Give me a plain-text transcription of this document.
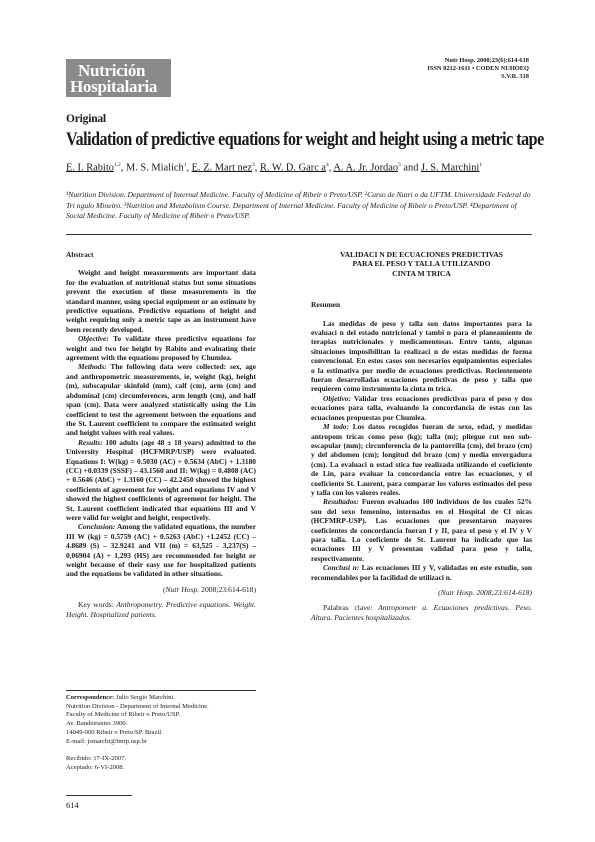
Nutrición
Hospitalaria
Nutr Hosp. 2008;23(6):614-618
ISSN 0212-1611 • CODEN NUHOEQ
S.V.R. 318
Original
Validation of predictive equations for weight and height using a metric tape
E. I. Rabito$^{1,2}$, M. S. Mialich$^1$, E. Z. Mart nez$^3$, R. W. D. Garc $a^4$, A. A. Jr. Jordao$^5$ and J. S. Marchini$^1$
¹Nutrition Division. Department of Internal Medicine. Faculty of Medicine of Ribeir o Preto/USP. ²Curso de Nutri o da UFTM. Universidade Federal do Tri ngulo Mineiro. ³Nutrition and Metabolism Course. Department of Internal Medicine. Faculty of Medicine of Ribeir o Preto/USP. ⁴Department of Social Medicine. Faculty of Medicine of Ribeir o Preto/USP.
Abstract

Weight and height measurements are important data for the evaluation of nutritional status but some situations prevent the execution of these measurements in the standard manner, using special equipment or an estimate by predictive equations. Predictive equations of height and weight requiring only a metric tape as an instrument have been recently developed.

Objective: To validate three predictive equations for weight and two for height by Rabito and evaluating their agreement with the equations proposed by Chumlea.

Methods: The following data were collected: sex, age and anthropometric measurements, ie, weight (kg), height (m), subscapular skinfold (mm), calf (cm), arm (cm) and abdominal (cm) circumferences, arm length (cm), and half span (cm). Data were analyzed statistically using the Lin coefficient to test the agreement between the equations and the St. Laurent coefficient to compare the estimated weight and height values with real values.

Results: 100 adults (age 48 ± 18 years) admitted to the University Hospital (HCFMRP/USP) were evaluated. Equations I: W(kg) = 0.5030 (AC) + 0.5634 (AbC) + 1.3180 (CC) +0.0339 (SSSF) – 43.1560 and II: W(kg) = 0.4808 (AC) + 0.5646 (AbC) + 1.3160 (CC) – 42.2450 showed the highest coefficients of agreement for weight and equations IV and V showed the highest coefficients of agreement for height. The St. Laurent coefficient indicated that equations III and V were valid for weight and height, respectively.

Conclusion: Among the validated equations, the number III W (kg) = 0.5759 (AC) + 0.5263 (AbC) +1.2452 (CC) – 4.8689 (S) – 32.9241 and VII (m) = 63,525 - 3,237(S) – 0,06904 (A) + 1,293 (HS) are recommended for height or weight because of their easy use for hospitalized patients and the equations be validated in other situations.

(Nutr Hosp. 2008;23:614-618)
Key words: Anthropometry. Predictive equations. Weight. Height. Hospitalized patients.
Correspondence: Julio Sergio Marchini.
Nutrition Division - Department of Internal Medicine.
Faculty of Medicine of Ribeir o Preto/USP.
Av. Bandeirantes 3900.
14049-900 Ribeir o Preto/SP. Brazil.
E-mail: jsmarchi@fmrp.usp.br
Recibido: 17-IX-2007.
Aceptado: 6-VI-2008.
VALIDACI N DE ECUACIONES PREDICTIVAS
PARA EL PESO Y TALLA UTILIZANDO
CINTA M TRICA
Resumen

Las medidas de peso y talla son datos importantes para la evaluaci n del estado nutricional y tambi n para el planeamiento de terapias nutricionales y medicamentosas. Entre tanto, algunas situaciones imposibilitan la realizaci n de estas medidas de forma convencional. En estos casos son necesarios equipamientos especiales o la estimativa por medio de ecuaciones predictivas. Recientemente fueran desarrolladas ecuaciones predictivas de peso y talla que requieren como instrumento la cinta m trica.

Objetivo: Validar tres ecuaciones predictivas para el peso y dos ecuaciones para talla, evaluando la concordancia de estas con las ecuaciones propuestas por Chumlea.

M todo: Los datos recogidos fueran de sexo, edad, y medidas antropom tricas como peso (kg); talla (m); pliegue cut neo sub-escapular (mm); circunferencia de la pantorrilla (cm), del brazo (cm) y del abdomen (cm); longitud del brazo (cm) y media envergadura (cm). La evaluaci n estad stica fue realizada utilizando el coeficiente de Lin, para evaluar la concordancia entre las ecuaciones, y el coeficiente St. Laurent, para comparar los valores estimados del peso y talla con los valores reales.

Resultados: Fueron evaluados 100 individuos de los cuales 52% son del sexo femenino, internados en el Hospital de Cl nicas (HCFMRP-USP). Las ecuaciones que presentaron mayores coeficientes de concordancia fueran I y II, para el peso y el IV y V para talla. Lo coeficiente de St. Laurent ha indicado que las ecuaciones III y V presentan validad para peso y talla, respectivamente.

Conclusi n: Las ecuaciones III y V, validadas en este estudio, son recomendables por la facilidad de utilizaci n.

(Nutr Hosp. 2008;23:614-618)
Palabras clave: Antropometr a. Ecuaciones predictivas. Peso. Altura. Pacientes hospitalizados.
614
